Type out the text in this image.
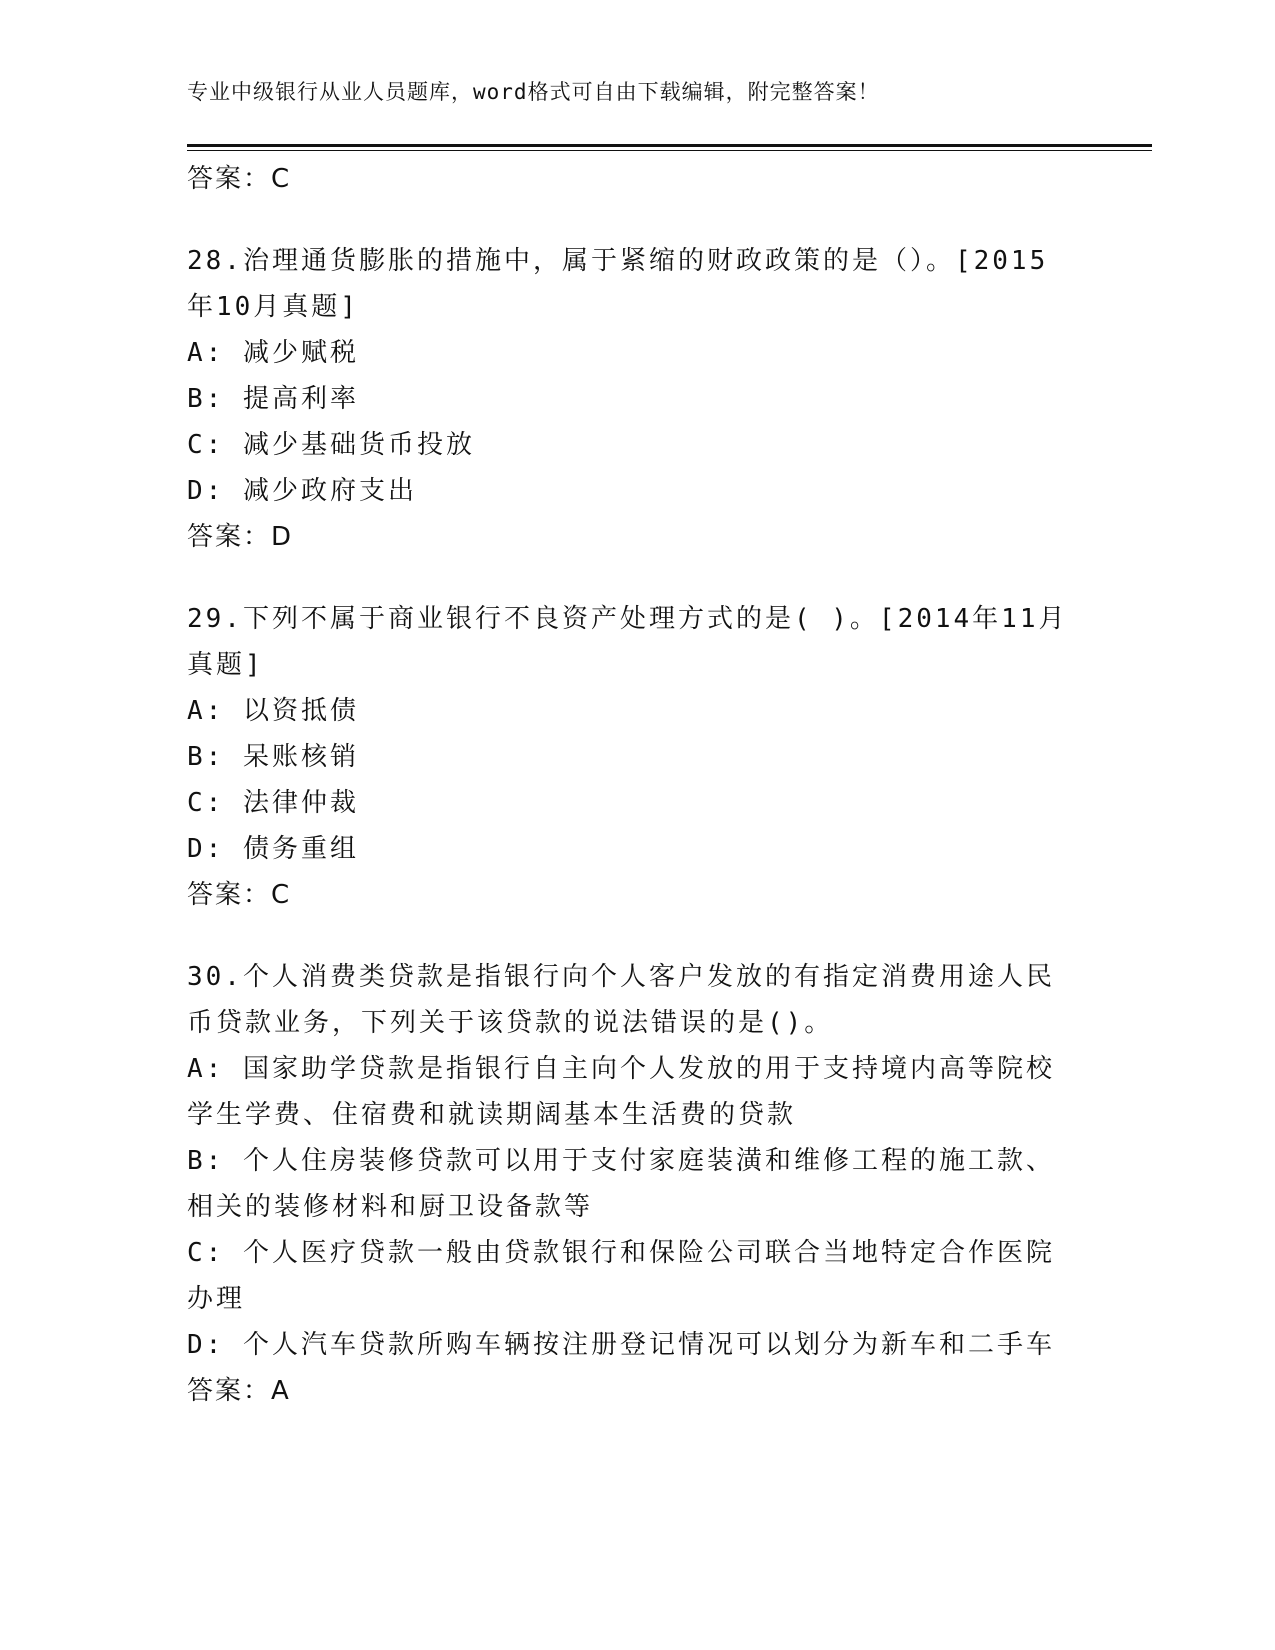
专业中级银行从业人员题库，word格式可自由下载编辑，附完整答案！

答案：C

28.治理通货膨胀的措施中，属于紧缩的财政政策的是（）。[2015年10月真题]

A: 减少赋税

B: 提高利率

C: 减少基础货币投放

D: 减少政府支出

答案：D

29.下列不属于商业银行不良资产处理方式的是( )。[2014年11月真题]

A: 以资抵债

B: 呆账核销

C: 法律仲裁

D: 债务重组

答案：C

30.个人消费类贷款是指银行向个人客户发放的有指定消费用途人民币贷款业务，下列关于该贷款的说法错误的是()。

A: 国家助学贷款是指银行自主向个人发放的用于支持境内高等院校学生学费、住宿费和就读期阔基本生活费的贷款

B: 个人住房装修贷款可以用于支付家庭装潢和维修工程的施工款、相关的装修材料和厨卫设备款等

C: 个人医疗贷款一般由贷款银行和保险公司联合当地特定合作医院办理

D: 个人汽车贷款所购车辆按注册登记情况可以划分为新车和二手车

答案：A
